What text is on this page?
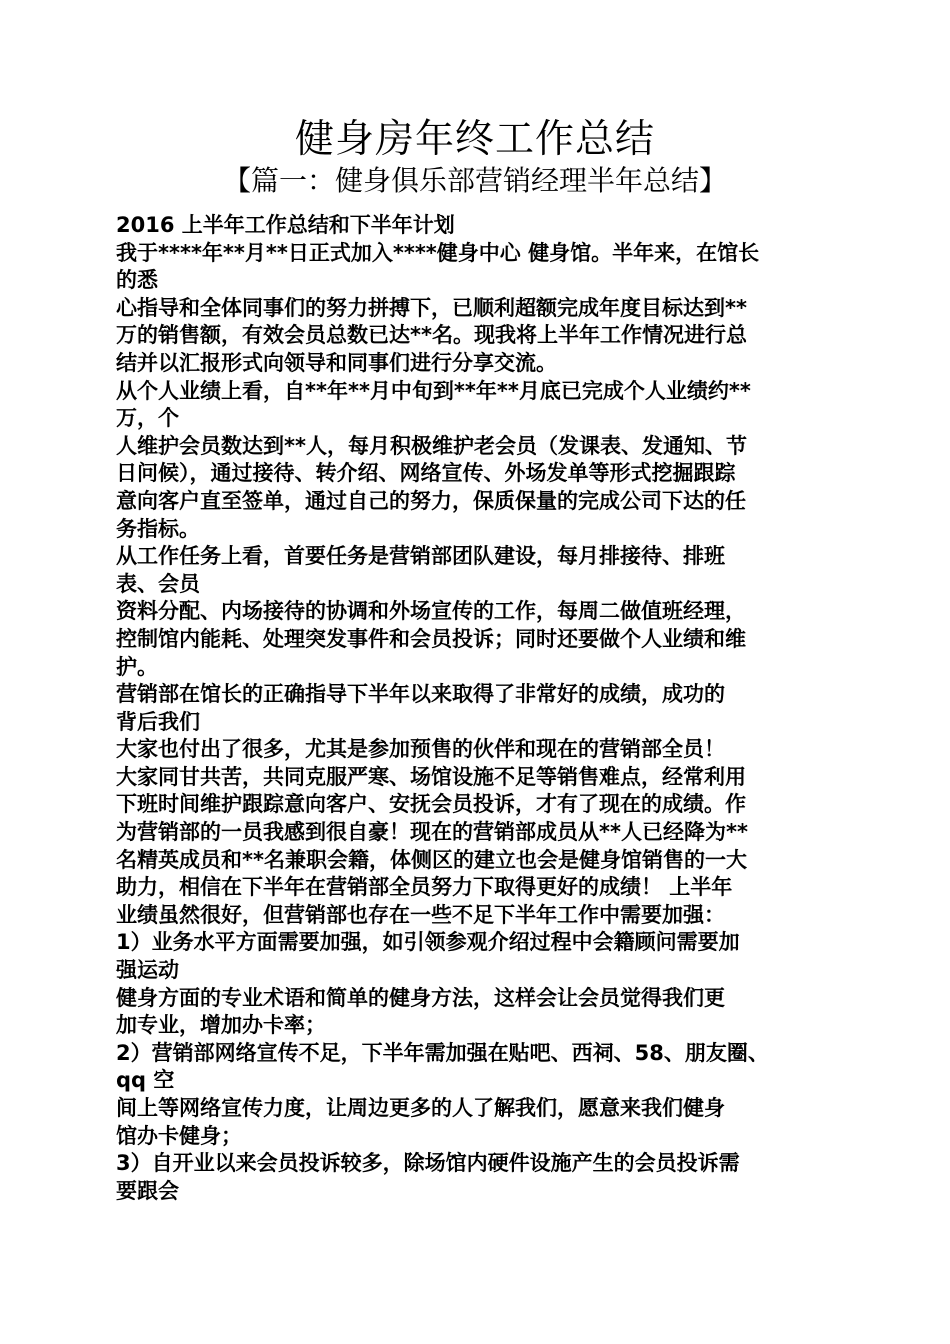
健身房年终工作总结
【篇一：健身俱乐部营销经理半年总结】
2016 上半年工作总结和下半年计划
我于****年**月**日正式加入****健身中心 健身馆。半年来，在馆长
的悉
心指导和全体同事们的努力拼搏下，已顺利超额完成年度目标达到**
万的销售额，有效会员总数已达**名。现我将上半年工作情况进行总
结并以汇报形式向领导和同事们进行分享交流。
从个人业绩上看，自**年**月中旬到**年**月底已完成个人业绩约**
万，个
人维护会员数达到**人，每月积极维护老会员（发课表、发通知、节
日问候），通过接待、转介绍、网络宣传、外场发单等形式挖掘跟踪
意向客户直至签单，通过自己的努力，保质保量的完成公司下达的任
务指标。
从工作任务上看，首要任务是营销部团队建设，每月排接待、排班
表、会员
资料分配、内场接待的协调和外场宣传的工作，每周二做值班经理，
控制馆内能耗、处理突发事件和会员投诉；同时还要做个人业绩和维
护。
营销部在馆长的正确指导下半年以来取得了非常好的成绩，成功的
背后我们
大家也付出了很多，尤其是参加预售的伙伴和现在的营销部全员！
大家同甘共苦，共同克服严寒、场馆设施不足等销售难点，经常利用
下班时间维护跟踪意向客户、安抚会员投诉，才有了现在的成绩。作
为营销部的一员我感到很自豪！现在的营销部成员从**人已经降为**
名精英成员和**名兼职会籍，体侧区的建立也会是健身馆销售的一大
助力，相信在下半年在营销部全员努力下取得更好的成绩！ 上半年
业绩虽然很好，但营销部也存在一些不足下半年工作中需要加强：
1）业务水平方面需要加强，如引领参观介绍过程中会籍顾问需要加
强运动
健身方面的专业术语和简单的健身方法，这样会让会员觉得我们更
加专业，增加办卡率；
2）营销部网络宣传不足，下半年需加强在贴吧、西祠、58、朋友圈、
qq 空
间上等网络宣传力度，让周边更多的人了解我们，愿意来我们健身
馆办卡健身；
3）自开业以来会员投诉较多，除场馆内硬件设施产生的会员投诉需
要跟会
